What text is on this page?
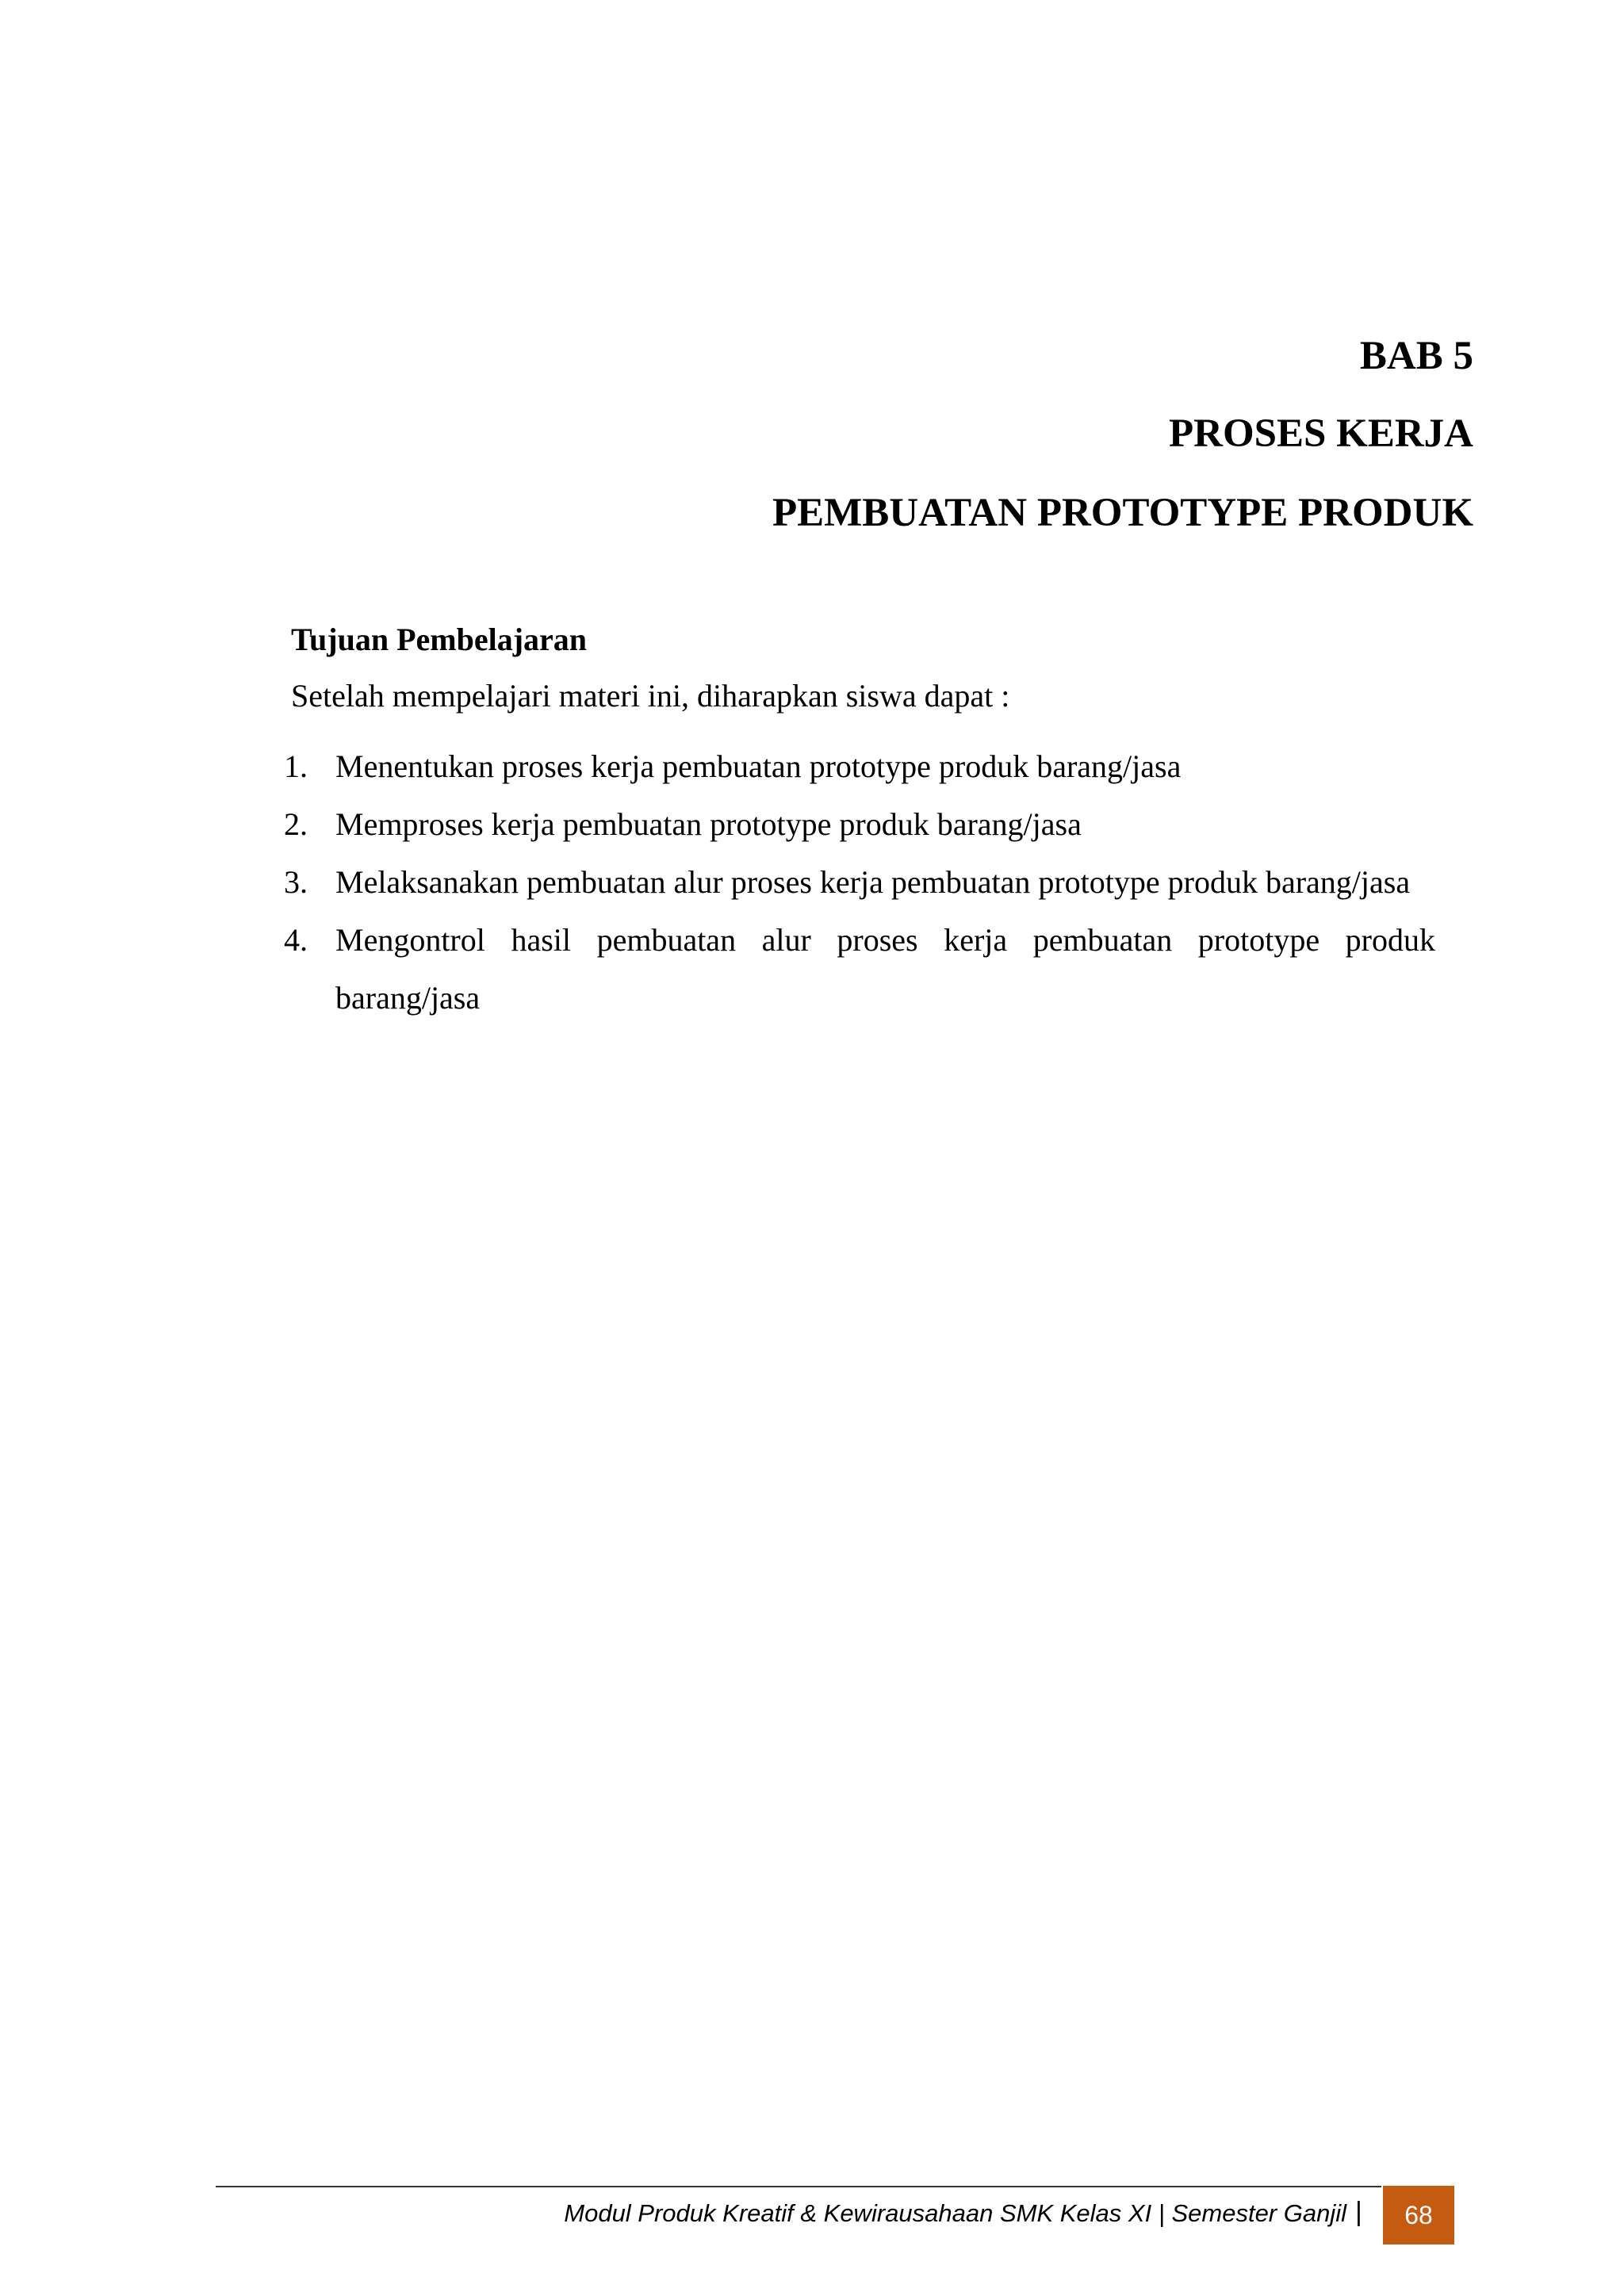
BAB 5
PROSES KERJA
PEMBUATAN PROTOTYPE PRODUK
Tujuan Pembelajaran
Setelah mempelajari materi ini, diharapkan siswa dapat :
1. Menentukan proses kerja pembuatan prototype produk barang/jasa
2. Memproses kerja pembuatan prototype produk barang/jasa
3. Melaksanakan pembuatan alur proses kerja pembuatan prototype produk barang/jasa
4. Mengontrol hasil pembuatan alur proses kerja pembuatan prototype produk barang/jasa
Modul Produk Kreatif & Kewirausahaan SMK Kelas XI | Semester Ganjil | 68
